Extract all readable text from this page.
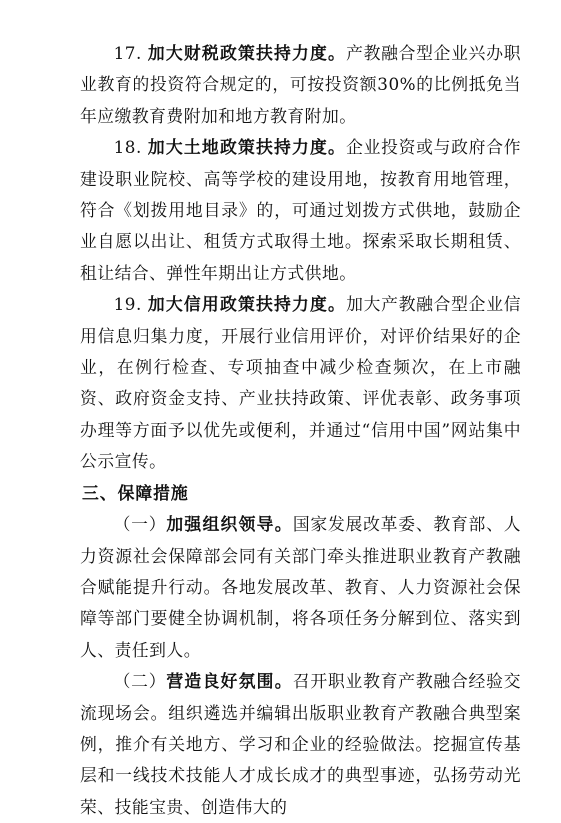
17. 加大财税政策扶持力度。产教融合型企业兴办职业教育的投资符合规定的，可按投资额30%的比例抵免当年应缴教育费附加和地方教育附加。

18. 加大土地政策扶持力度。企业投资或与政府合作建设职业院校、高等学校的建设用地，按教育用地管理，符合《划拨用地目录》的，可通过划拨方式供地，鼓励企业自愿以出让、租赁方式取得土地。探索采取长期租赁、租让结合、弹性年期出让方式供地。

19. 加大信用政策扶持力度。加大产教融合型企业信用信息归集力度，开展行业信用评价，对评价结果好的企业，在例行检查、专项抽查中减少检查频次，在上市融资、政府资金支持、产业扶持政策、评优表彰、政务事项办理等方面予以优先或便利，并通过“信用中国”网站集中公示宣传。

三、保障措施

（一）加强组织领导。国家发展改革委、教育部、人力资源社会保障部会同有关部门牵头推进职业教育产教融合赋能提升行动。各地发展改革、教育、人力资源社会保障等部门要健全协调机制，将各项任务分解到位、落实到人、责任到人。

（二）营造良好氛围。召开职业教育产教融合经验交流现场会。组织遴选并编辑出版职业教育产教融合典型案例，推介有关地方、学习和企业的经验做法。挖掘宣传基层和一线技术技能人才成长成才的典型事迹，弘扬劳动光荣、技能宝贵、创造伟大的
